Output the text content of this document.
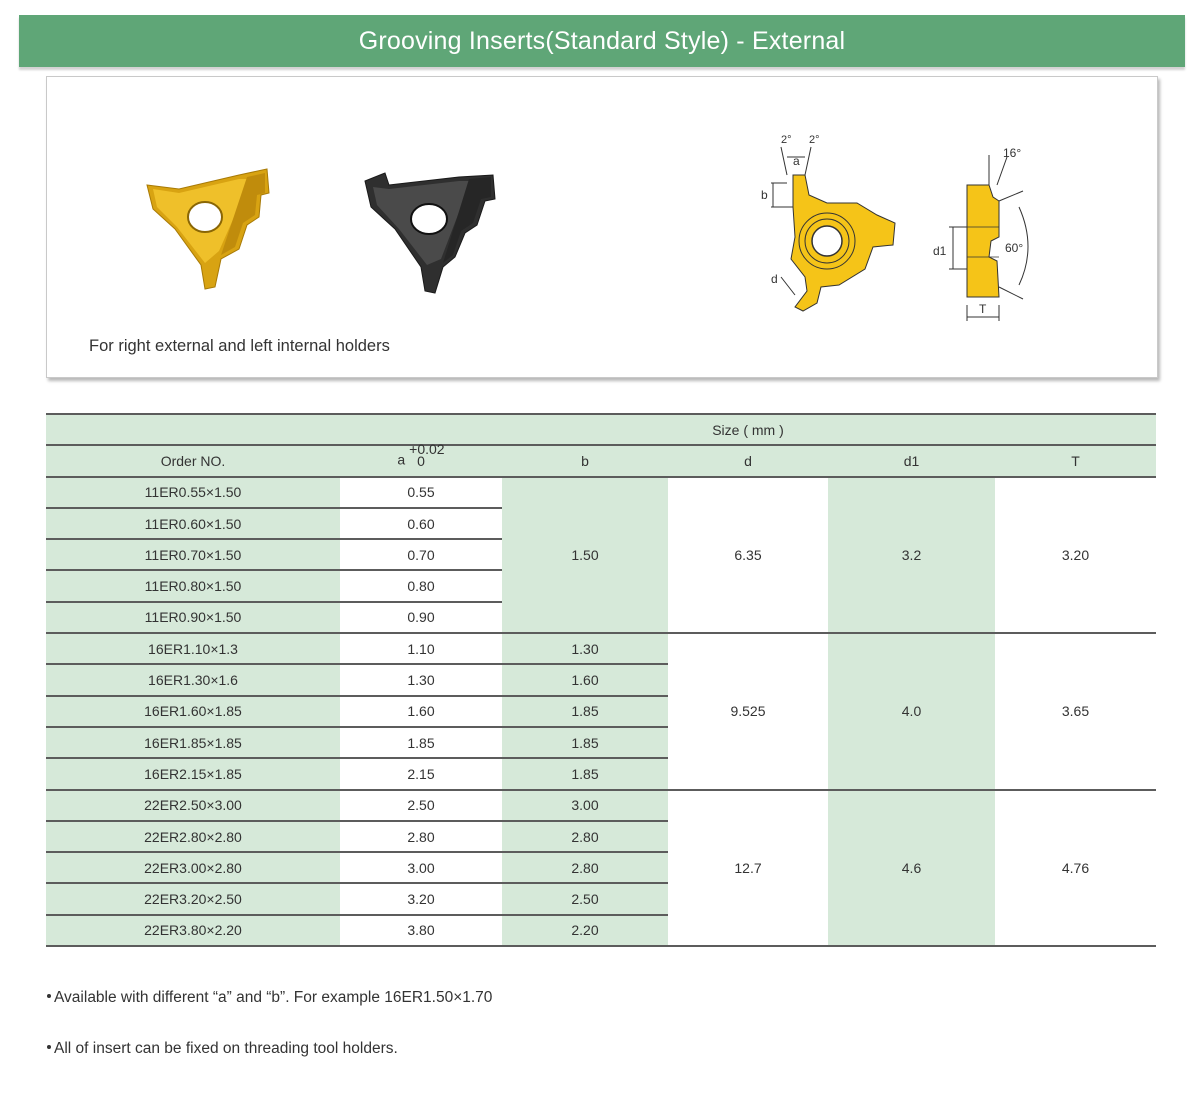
Grooving Inserts(Standard Style) - External
2° 2°
a
b
d
16°
d1	60°
T
For right external and left internal holders
	Size ( mm )				
Order NO.	a
+0.02
0	b	d	d1	T
11ER0.55×1.50	0.55	1.50	6.35	3.2	3.20
11ER0.60×1.50	0.60				
11ER0.70×1.50	0.70				
11ER0.80×1.50	0.80				
11ER0.90×1.50	0.90				
16ER1.10×1.3	1.10	1.30	9.525	4.0	3.65
16ER1.30×1.6	1.30	1.60			
16ER1.60×1.85	1.60	1.85			
16ER1.85×1.85	1.85	1.85			
16ER2.15×1.85	2.15	1.85			
22ER2.50×3.00	2.50	3.00	12.7	4.6	4.76
22ER2.80×2.80	2.80	2.80			
22ER3.00×2.80	3.00	2.80			
22ER3.20×2.50	3.20	2.50			
22ER3.80×2.20	3.80	2.20			
Available with different “a” and “b”. For example 16ER1.50×1.70
All of insert can be fixed on threading tool holders.
